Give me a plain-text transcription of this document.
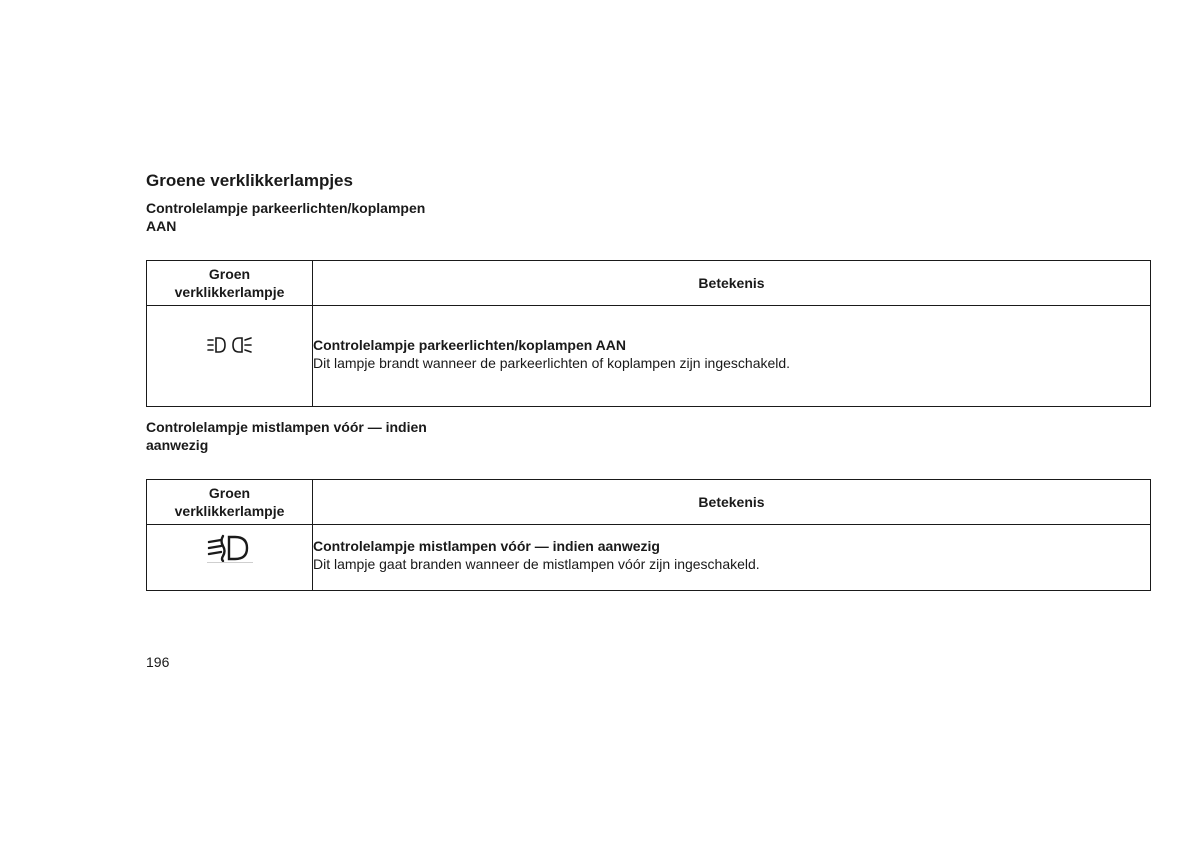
Groene verklikkerlampjes
Controlelampje parkeerlichten/koplampen
AAN
Groen
verklikkerlampje	Betekenis

Controlelampje parkeerlichten/koplampen AAN
Dit lampje brandt wanneer de parkeerlichten of koplampen zijn ingeschakeld.
Controlelampje mistlampen vóór — indien
aanwezig
Groen
verklikkerlampje	Betekenis

Controlelampje mistlampen vóór — indien aanwezig
Dit lampje gaat branden wanneer de mistlampen vóór zijn ingeschakeld.
196
